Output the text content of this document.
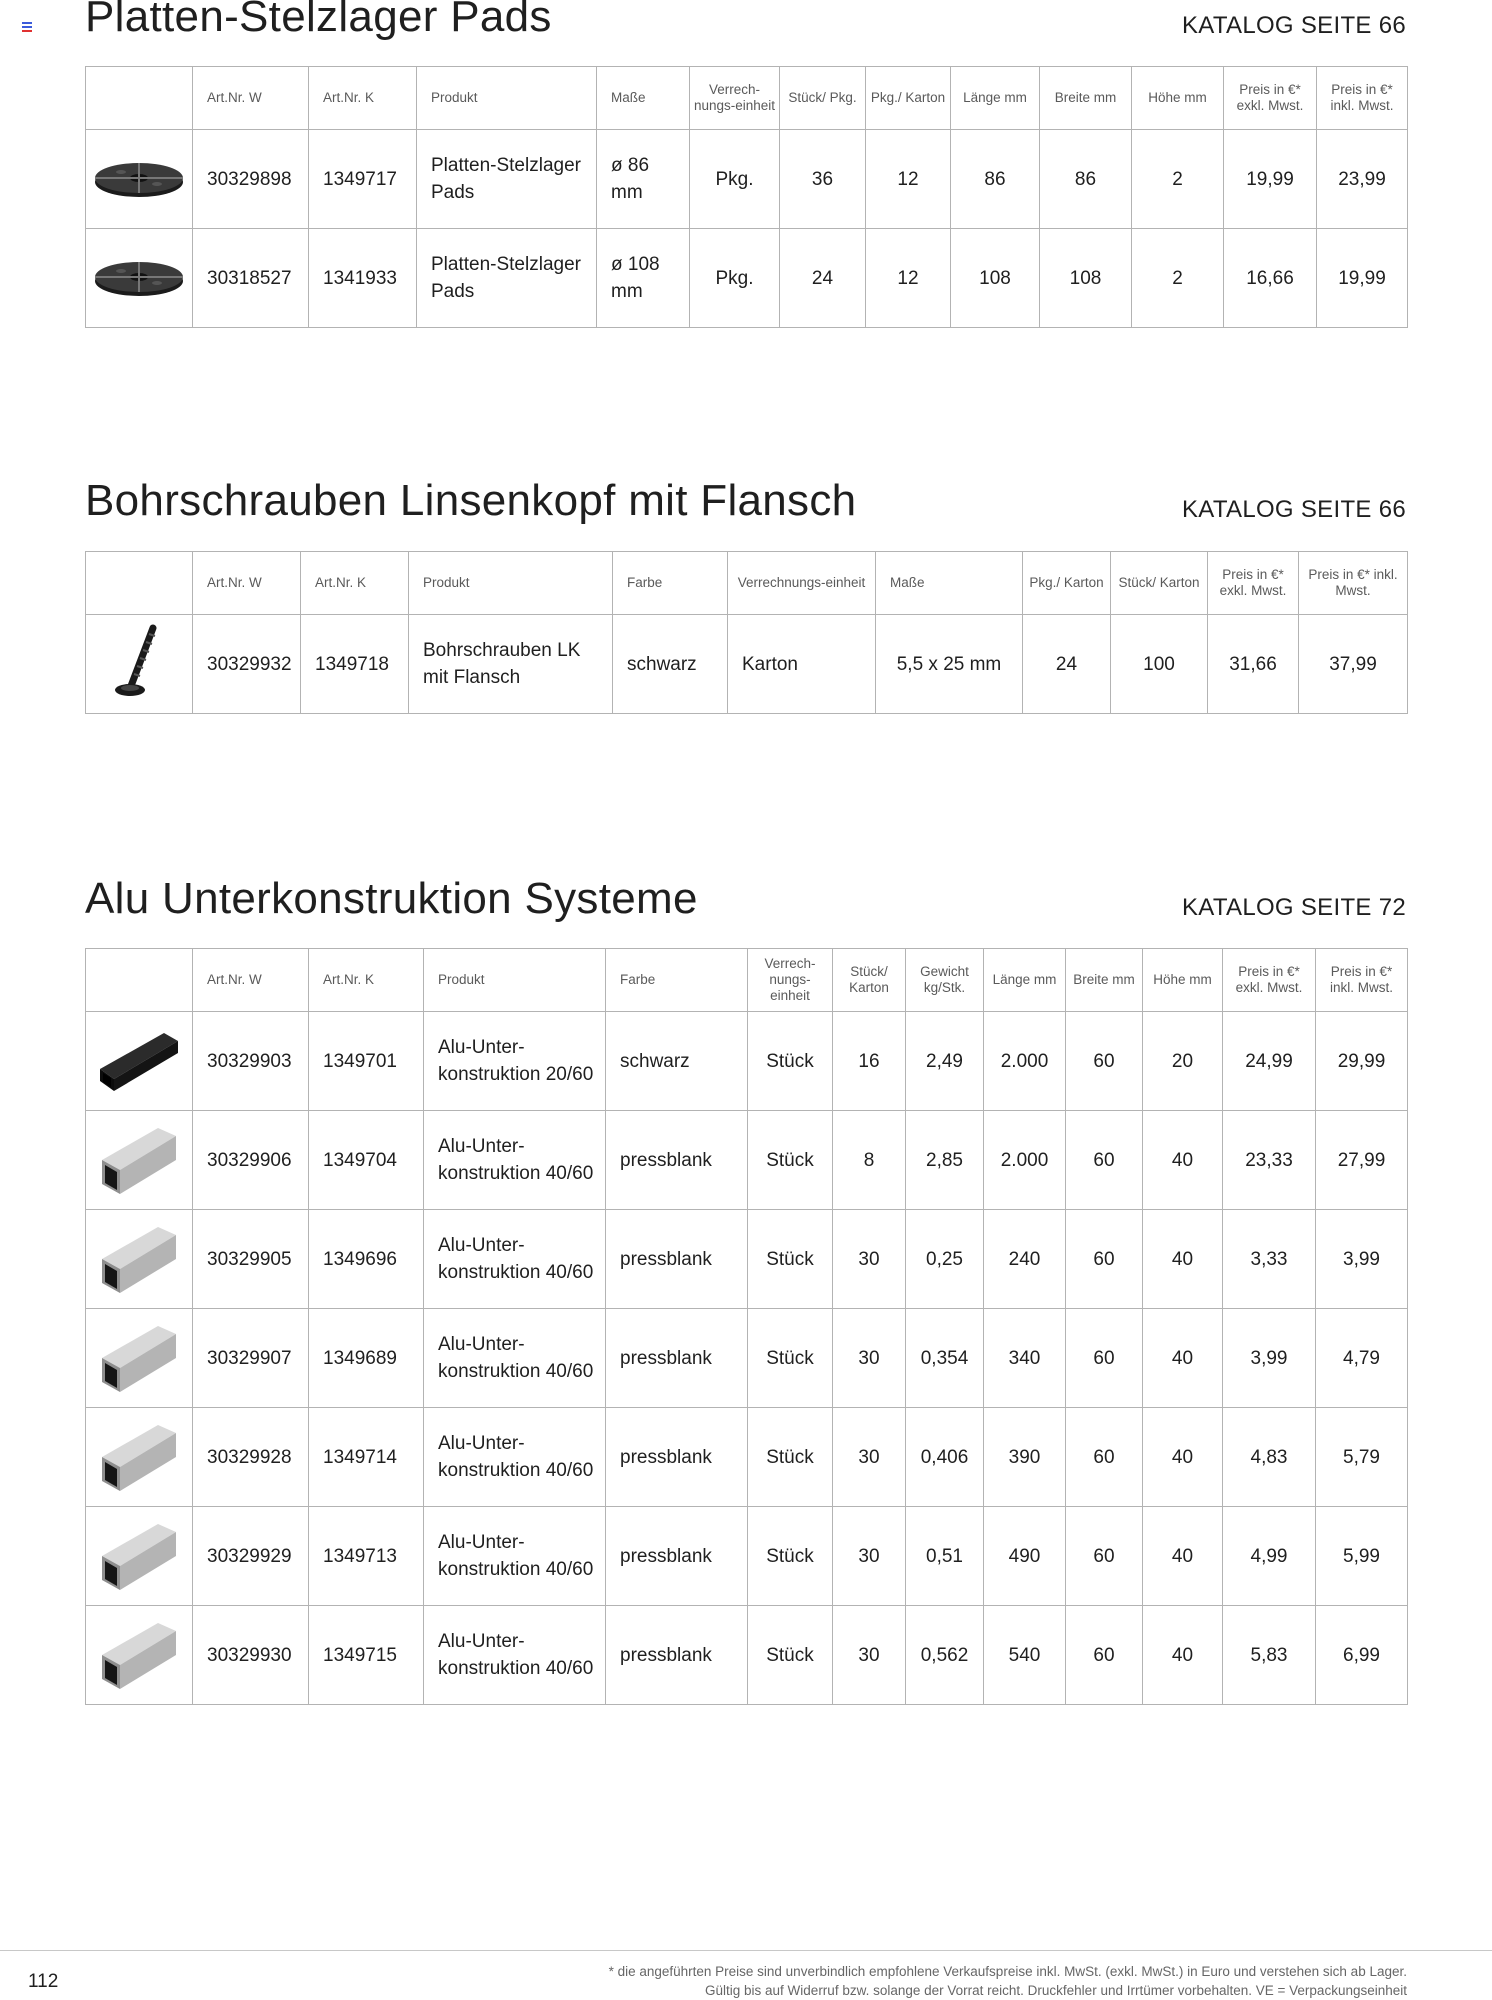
Platten-Stelzlager Pads	KATALOG SEITE 66
	Art.Nr. W	Art.Nr. K	Produkt	Maße	Verrech-nungs-einheit	Stück/ Pkg.	Pkg./ Karton	Länge mm	Breite mm	Höhe mm	Preis in €* exkl. Mwst.	Preis in €* inkl. Mwst.

	30329898	1349717	Platten-Stelzlager Pads	ø 86 mm	Pkg.	36	12	86	86	2	19,99	23,99

	30318527	1341933	Platten-Stelzlager Pads	ø 108 mm	Pkg.	24	12	108	108	2	16,66	19,99
Bohrschrauben Linsenkopf mit Flansch	KATALOG SEITE 66
	Art.Nr. W	Art.Nr. K	Produkt	Farbe	Verrechnungs-einheit	Maße	Pkg./ Karton	Stück/ Karton	Preis in €* exkl. Mwst.	Preis in €* inkl. Mwst.

	30329932	1349718	Bohrschrauben LK mit Flansch	schwarz	Karton	5,5 x 25 mm	24	100	31,66	37,99
Alu Unterkonstruktion Systeme	KATALOG SEITE 72
	Art.Nr. W	Art.Nr. K	Produkt	Farbe	Verrech-nungs-einheit	Stück/ Karton	Gewicht kg/Stk.	Länge mm	Breite mm	Höhe mm	Preis in €* exkl. Mwst.	Preis in €* inkl. Mwst.

	30329903	1349701	Alu-Unter-konstruktion 20/60	schwarz	Stück	16	2,49	2.000	60	20	24,99	29,99

	30329906	1349704	Alu-Unter-konstruktion 40/60	pressblank	Stück	8	2,85	2.000	60	40	23,33	27,99

	30329905	1349696	Alu-Unter-konstruktion 40/60	pressblank	Stück	30	0,25	240	60	40	3,33	3,99

	30329907	1349689	Alu-Unter-konstruktion 40/60	pressblank	Stück	30	0,354	340	60	40	3,99	4,79

	30329928	1349714	Alu-Unter-konstruktion 40/60	pressblank	Stück	30	0,406	390	60	40	4,83	5,79

	30329929	1349713	Alu-Unter-konstruktion 40/60	pressblank	Stück	30	0,51	490	60	40	4,99	5,99

	30329930	1349715	Alu-Unter-konstruktion 40/60	pressblank	Stück	30	0,562	540	60	40	5,83	6,99
112	* die angeführten Preise sind unverbindlich empfohlene Verkaufspreise inkl. MwSt. (exkl. MwSt.) in Euro und verstehen sich ab Lager.
Gültig bis auf Widerruf bzw. solange der Vorrat reicht. Druckfehler und Irrtümer vorbehalten. VE = Verpackungseinheit
